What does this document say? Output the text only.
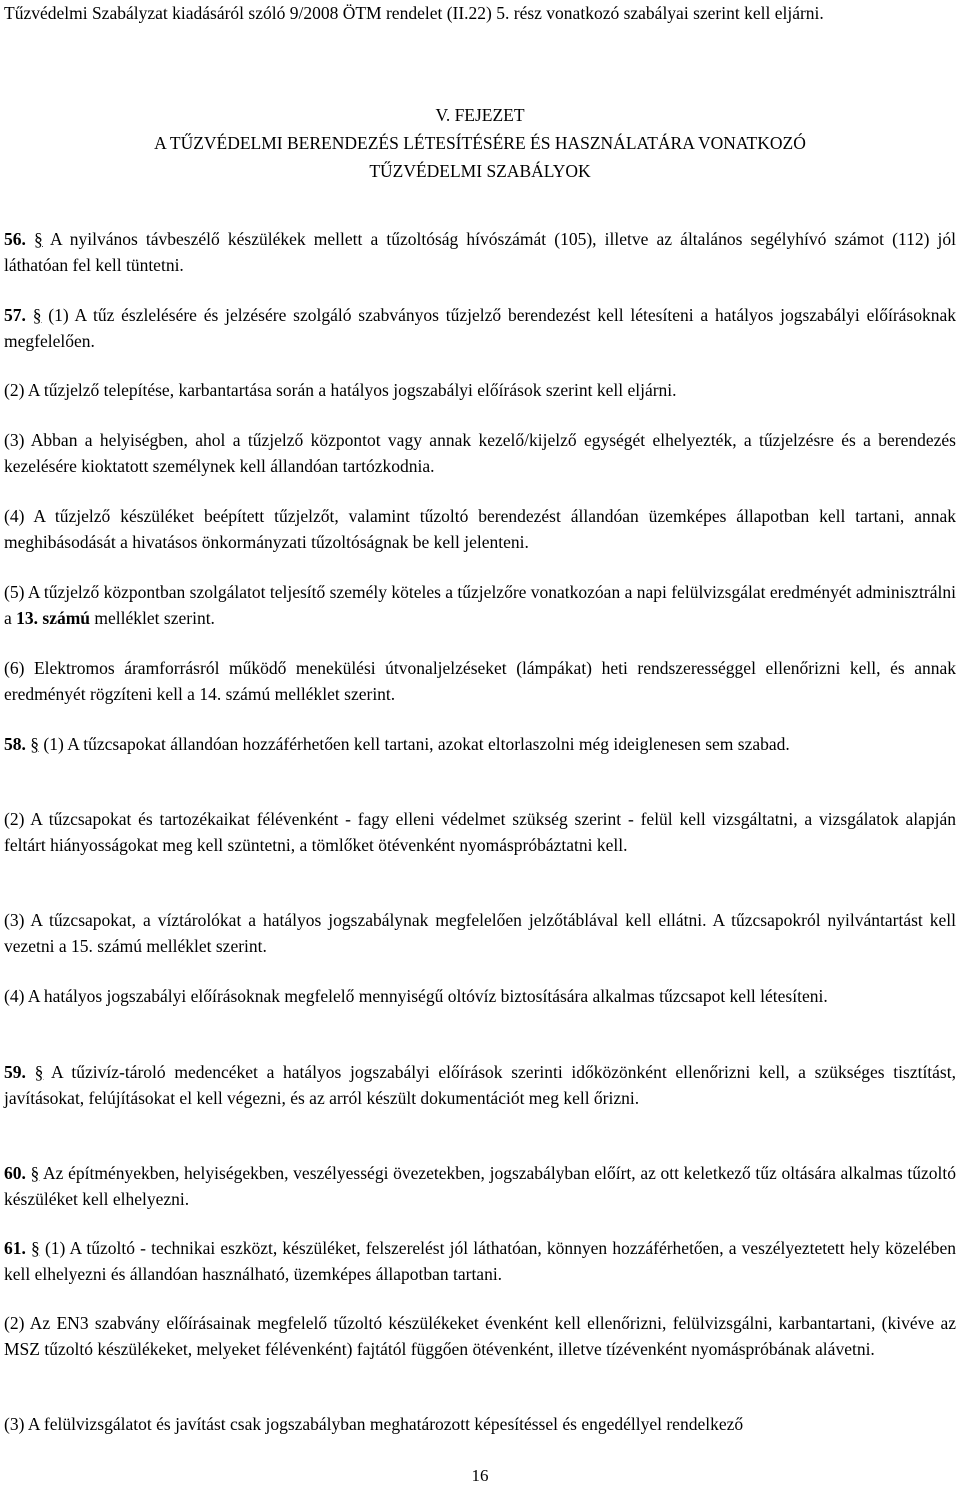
Tűzvédelmi Szabályzat kiadásáról szóló 9/2008 ÖTM rendelet (II.22) 5. rész vonatkozó szabályai szerint kell eljárni.

V. FEJEZET
A TŰZVÉDELMI BERENDEZÉS LÉTESÍTÉSÉRE ÉS HASZNÁLATÁRA VONATKOZÓ
TŰZVÉDELMI SZABÁLYOK

56. § A nyilvános távbeszélő készülékek mellett a tűzoltóság hívószámát (105), illetve az általános segélyhívó számot (112) jól láthatóan fel kell tüntetni.

57. § (1) A tűz észlelésére és jelzésére szolgáló szabványos tűzjelző berendezést kell létesíteni a hatályos jogszabályi előírásoknak megfelelően.

(2) A tűzjelző telepítése, karbantartása során a hatályos jogszabályi előírások szerint kell eljárni.

(3) Abban a helyiségben, ahol a tűzjelző központot vagy annak kezelő/kijelző egységét elhelyezték, a tűzjelzésre és a berendezés kezelésére kioktatott személynek kell állandóan tartózkodnia.

(4) A tűzjelző készüléket beépített tűzjelzőt, valamint tűzoltó berendezést állandóan üzemképes állapotban kell tartani, annak meghibásodását a hivatásos önkormányzati tűzoltóságnak be kell jelenteni.

(5) A tűzjelző központban szolgálatot teljesítő személy köteles a tűzjelzőre vonatkozóan a napi felülvizsgálat eredményét adminisztrálni a 13. számú melléklet szerint.

(6) Elektromos áramforrásról működő menekülési útvonaljelzéseket (lámpákat) heti rendszerességgel ellenőrizni kell, és annak eredményét rögzíteni kell a 14. számú melléklet szerint.

58. § (1) A tűzcsapokat állandóan hozzáférhetően kell tartani, azokat eltorlaszolni még ideiglenesen sem szabad.

(2) A tűzcsapokat és tartozékaikat félévenként - fagy elleni védelmet szükség szerint - felül kell vizsgáltatni, a vizsgálatok alapján feltárt hiányosságokat meg kell szüntetni, a tömlőket ötévenként nyomáspróbáztatni kell.

(3) A tűzcsapokat, a víztárolókat a hatályos jogszabálynak megfelelően jelzőtáblával kell ellátni. A tűzcsapokról nyilvántartást kell vezetni a 15. számú melléklet szerint.

(4) A hatályos jogszabályi előírásoknak megfelelő mennyiségű oltóvíz biztosítására alkalmas tűzcsapot kell létesíteni.

59. § A tűzivíz-tároló medencéket a hatályos jogszabályi előírások szerinti időközönként ellenőrizni kell, a szükséges tisztítást, javításokat, felújításokat el kell végezni, és az arról készült dokumentációt meg kell őrizni.

60. § Az építményekben, helyiségekben, veszélyességi övezetekben, jogszabályban előírt, az ott keletkező tűz oltására alkalmas tűzoltó készüléket kell elhelyezni.

61. § (1) A tűzoltó - technikai eszközt, készüléket, felszerelést jól láthatóan, könnyen hozzáférhetően, a veszélyeztetett hely közelében kell elhelyezni és állandóan használható, üzemképes állapotban tartani.

(2) Az EN3 szabvány előírásainak megfelelő tűzoltó készülékeket évenként kell ellenőrizni, felülvizsgálni, karbantartani, (kivéve az MSZ tűzoltó készülékeket, melyeket félévenként) fajtától függően ötévenként, illetve tízévenként nyomáspróbának alávetni.

(3) A felülvizsgálatot és javítást csak jogszabályban meghatározott képesítéssel és engedéllyel rendelkező

16
